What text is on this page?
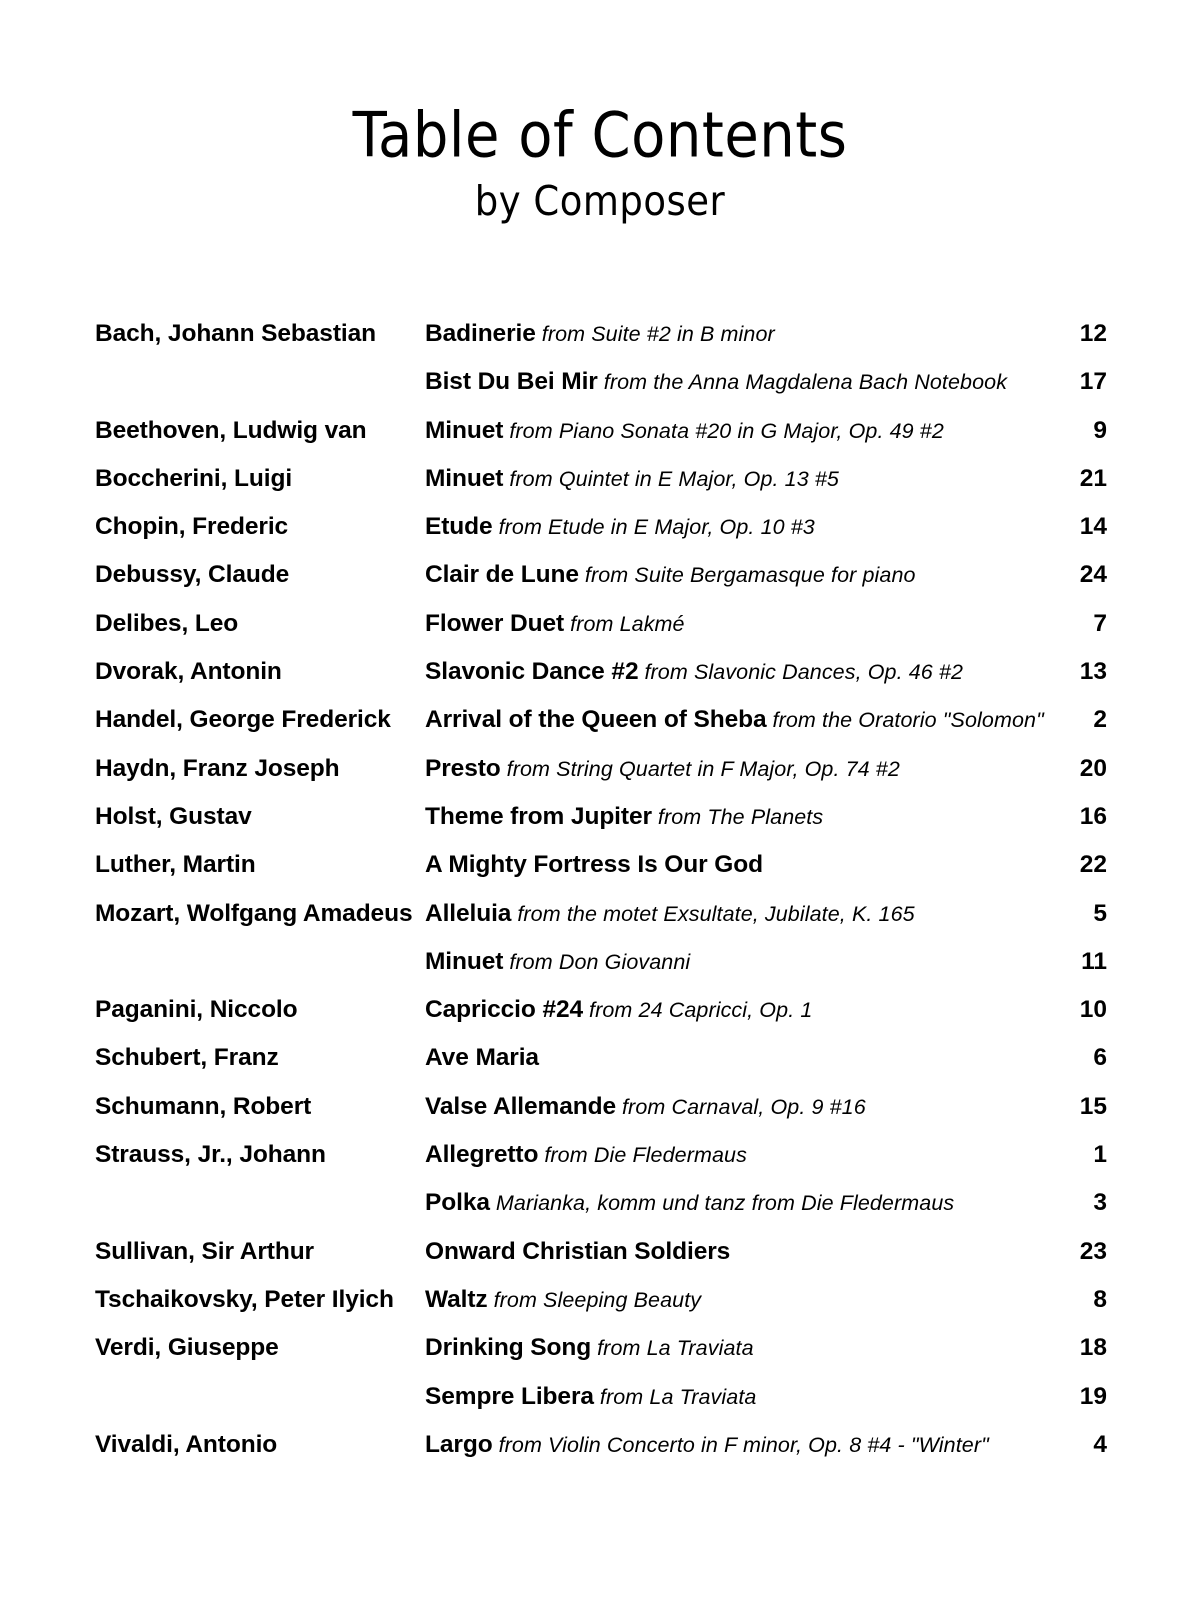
Table of Contents
by Composer
Bach, Johann Sebastian	Badinerie from Suite #2 in B minor	12
	Bist Du Bei Mir from the Anna Magdalena Bach Notebook	17
Beethoven, Ludwig van	Minuet from Piano Sonata #20 in G Major, Op. 49 #2	9
Boccherini, Luigi	Minuet from Quintet in E Major, Op. 13 #5	21
Chopin, Frederic	Etude from Etude in E Major, Op. 10 #3	14
Debussy, Claude	Clair de Lune from Suite Bergamasque for piano	24
Delibes, Leo	Flower Duet from Lakmé	7
Dvorak, Antonin	Slavonic Dance #2 from Slavonic Dances, Op. 46 #2	13
Handel, George Frederick	Arrival of the Queen of Sheba from the Oratorio "Solomon"	2
Haydn, Franz Joseph	Presto from String Quartet in F Major, Op. 74 #2	20
Holst, Gustav	Theme from Jupiter from The Planets	16
Luther, Martin	A Mighty Fortress Is Our God	22
Mozart, Wolfgang Amadeus	Alleluia from the motet Exsultate, Jubilate, K. 165	5
	Minuet from Don Giovanni	11
Paganini, Niccolo	Capriccio #24 from 24 Capricci, Op. 1	10
Schubert, Franz	Ave Maria	6
Schumann, Robert	Valse Allemande from Carnaval, Op. 9 #16	15
Strauss, Jr., Johann	Allegretto from Die Fledermaus	1
	Polka Marianka, komm und tanz from Die Fledermaus	3
Sullivan, Sir Arthur	Onward Christian Soldiers	23
Tschaikovsky, Peter Ilyich	Waltz from Sleeping Beauty	8
Verdi, Giuseppe	Drinking Song from La Traviata	18
	Sempre Libera from La Traviata	19
Vivaldi, Antonio	Largo from Violin Concerto in F minor, Op. 8 #4 - "Winter"	4
